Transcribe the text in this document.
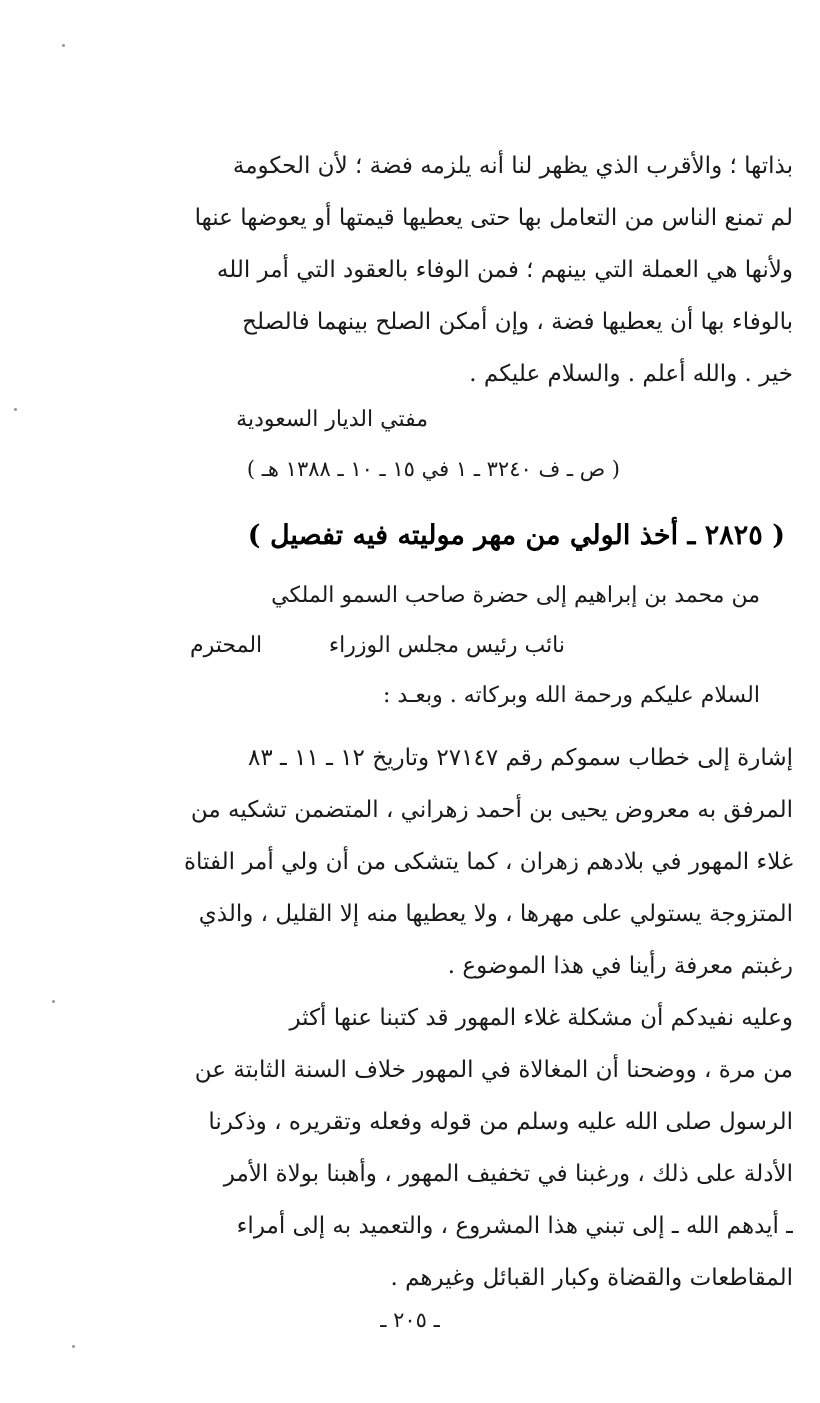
بذاتها ؛ والأقرب الذي يظهر لنا أنه يلزمه فضة ؛ لأن الحكومة
لم تمنع الناس من التعامل بها حتى يعطيها قيمتها أو يعوضها عنها
ولأنها هي العملة التي بينهم ؛ فمن الوفاء بالعقود التي أمر الله
بالوفاء بها أن يعطيها فضة ، وإن أمكن الصلح بينهما فالصلح
خير . والله أعلم . والسلام عليكم .
مفتي الديار السعودية
( ص ـ ف ٣٢٤٠ ـ ١ في ١٥ ـ ١٠ ـ ١٣٨٨ هـ )
( ٢٨٢٥ ـ أخذ الولي من مهر موليته فيه تفصيل )
من محمد بن إبراهيم إلى حضرة صاحب السمو الملكي
نائب رئيس مجلس الوزراء
المحترم
السلام عليكم ورحمة الله وبركاته . وبعـد :
إشارة إلى خطاب سموكم رقم ٢٧١٤٧ وتاريخ ١٢ ـ ١١ ـ ٨٣
المرفق به معروض يحيى بن أحمد زهراني ، المتضمن تشكيه من
غلاء المهور في بلادهم زهران ، كما يتشكى من أن ولي أمر الفتاة
المتزوجة يستولي على مهرها ، ولا يعطيها منه إلا القليل ، والذي
رغبتم معرفة رأينا في هذا الموضوع .
وعليه نفيدكم أن مشكلة غلاء المهور قد كتبنا عنها أكثر
من مرة ، ووضحنا أن المغالاة في المهور خلاف السنة الثابتة عن
الرسول صلى الله عليه وسلم من قوله وفعله وتقريره ، وذكرنا
الأدلة على ذلك ، ورغبنا في تخفيف المهور ، وأهبنا بولاة الأمر
ـ أيدهم الله ـ إلى تبني هذا المشروع ، والتعميد به إلى أمراء
المقاطعات والقضاة وكبار القبائل وغيرهم .
ـ ٢٠٥ ـ
